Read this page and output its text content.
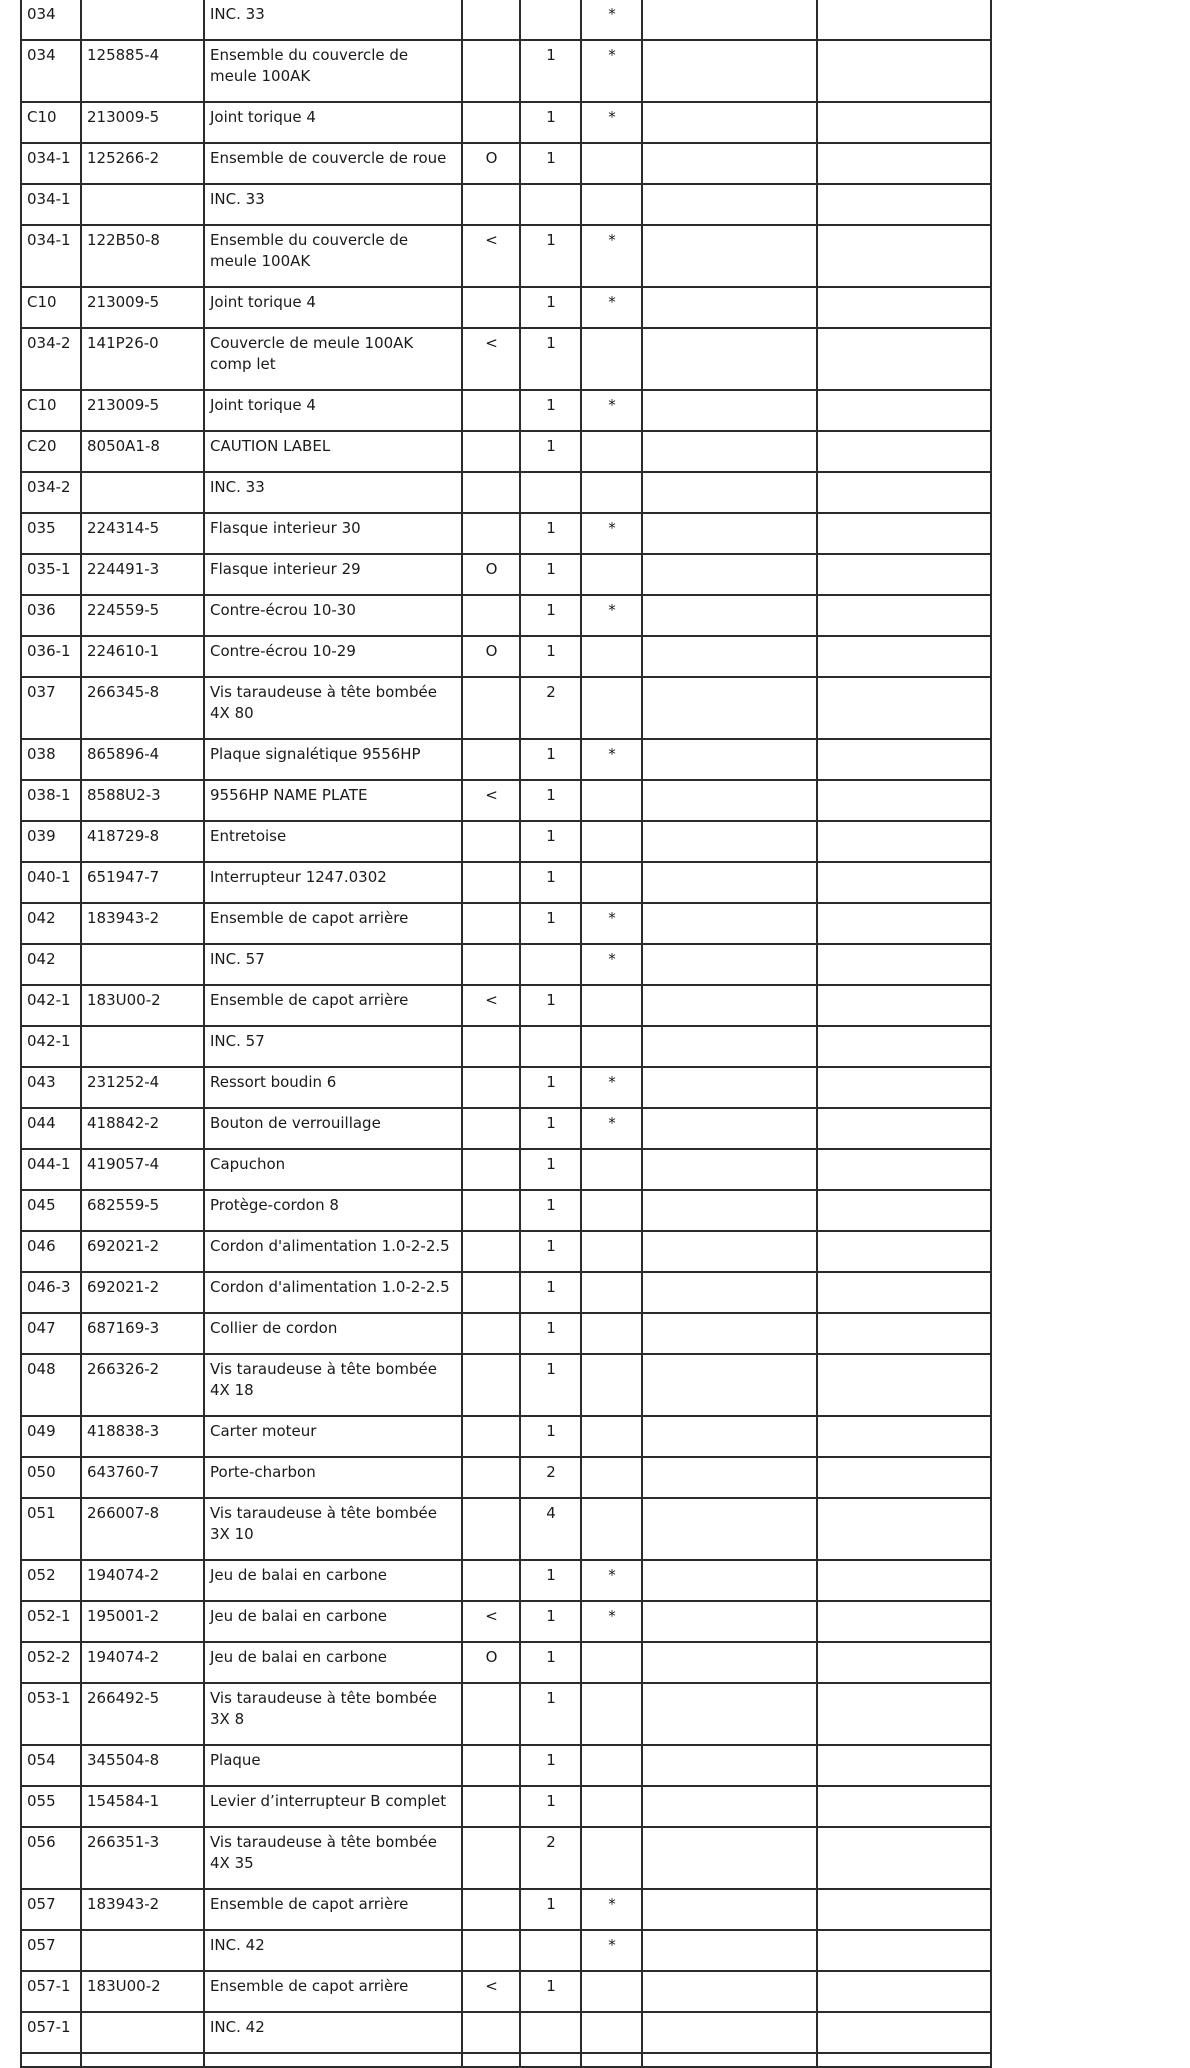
034		INC. 33			*		
034	125885-4	Ensemble du couvercle de meule 100AK		1	*		
C10	213009-5	Joint torique 4		1	*		
034-1	125266-2	Ensemble de couvercle de roue	O	1			
034-1		INC. 33					
034-1	122B50-8	Ensemble du couvercle de meule 100AK	<	1	*		
C10	213009-5	Joint torique 4		1	*		
034-2	141P26-0	Couvercle de meule 100AK comp let	<	1			
C10	213009-5	Joint torique 4		1	*		
C20	8050A1-8	CAUTION LABEL		1			
034-2		INC. 33					
035	224314-5	Flasque interieur 30		1	*		
035-1	224491-3	Flasque interieur 29	O	1			
036	224559-5	Contre-écrou 10-30		1	*		
036-1	224610-1	Contre-écrou 10-29	O	1			
037	266345-8	Vis taraudeuse à tête bombée 4X 80		2			
038	865896-4	Plaque signalétique 9556HP		1	*		
038-1	8588U2-3	9556HP NAME PLATE	<	1			
039	418729-8	Entretoise		1			
040-1	651947-7	Interrupteur 1247.0302		1			
042	183943-2	Ensemble de capot arrière		1	*		
042		INC. 57			*		
042-1	183U00-2	Ensemble de capot arrière	<	1			
042-1		INC. 57					
043	231252-4	Ressort boudin 6		1	*		
044	418842-2	Bouton de verrouillage		1	*		
044-1	419057-4	Capuchon		1			
045	682559-5	Protège-cordon 8		1			
046	692021-2	Cordon d'alimentation 1.0-2-2.5		1			
046-3	692021-2	Cordon d'alimentation 1.0-2-2.5		1			
047	687169-3	Collier de cordon		1			
048	266326-2	Vis taraudeuse à tête bombée 4X 18		1			
049	418838-3	Carter moteur		1			
050	643760-7	Porte-charbon		2			
051	266007-8	Vis taraudeuse à tête bombée 3X 10		4			
052	194074-2	Jeu de balai en carbone		1	*		
052-1	195001-2	Jeu de balai en carbone	<	1	*		
052-2	194074-2	Jeu de balai en carbone	O	1			
053-1	266492-5	Vis taraudeuse à tête bombée 3X 8		1			
054	345504-8	Plaque		1			
055	154584-1	Levier d’interrupteur B complet		1			
056	266351-3	Vis taraudeuse à tête bombée 4X 35		2			
057	183943-2	Ensemble de capot arrière		1	*		
057		INC. 42			*		
057-1	183U00-2	Ensemble de capot arrière	<	1			
057-1		INC. 42					
